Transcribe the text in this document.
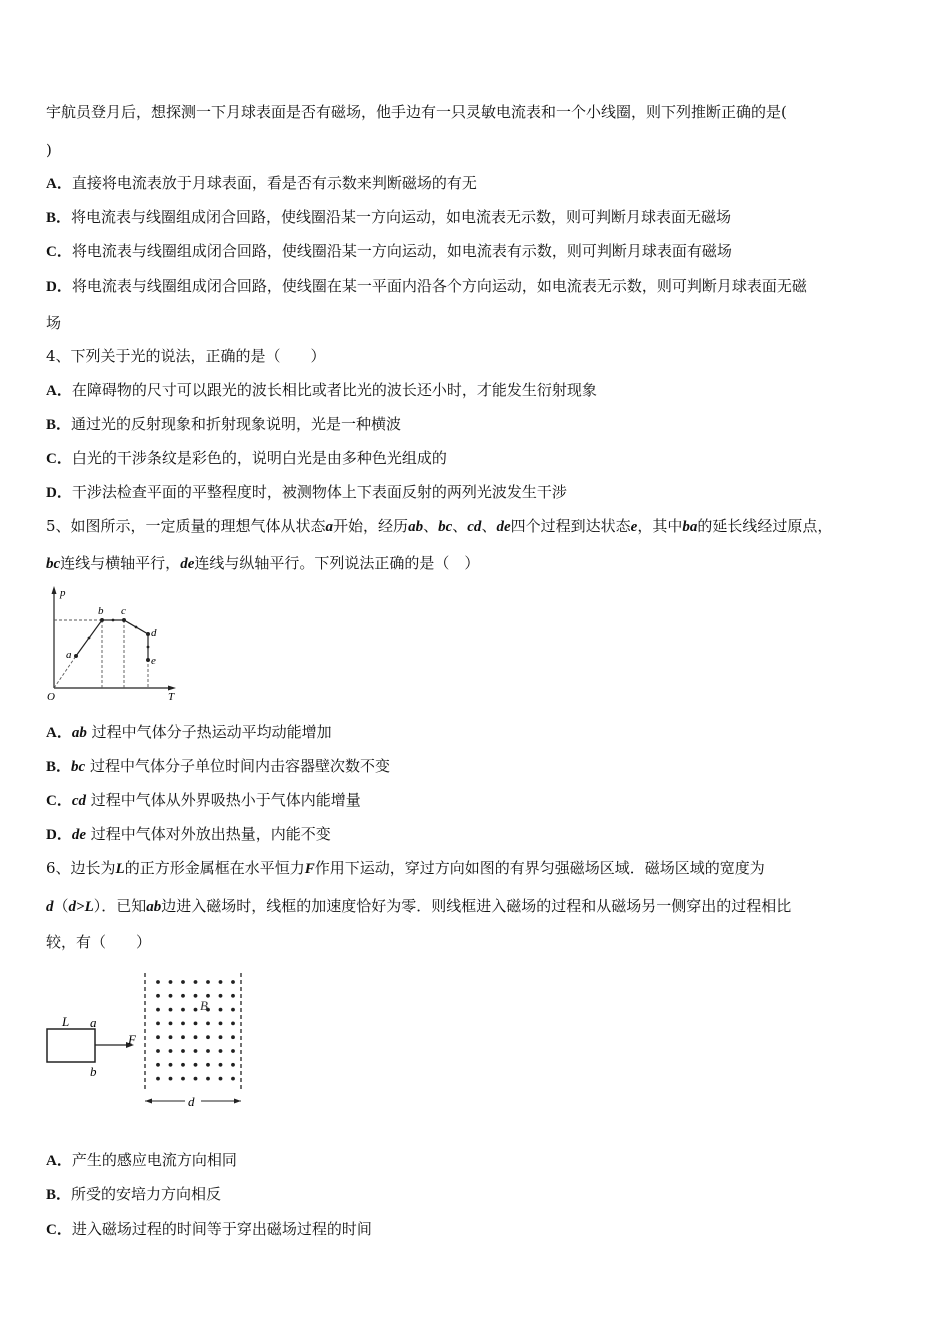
宇航员登月后，想探测一下月球表面是否有磁场，他手边有一只灵敏电流表和一个小线圈，则下列推断正确的是(
)
A．直接将电流表放于月球表面，看是否有示数来判断磁场的有无
B．将电流表与线圈组成闭合回路，使线圈沿某一方向运动，如电流表无示数，则可判断月球表面无磁场
C．将电流表与线圈组成闭合回路，使线圈沿某一方向运动，如电流表有示数，则可判断月球表面有磁场
D．将电流表与线圈组成闭合回路，使线圈在某一平面内沿各个方向运动，如电流表无示数，则可判断月球表面无磁
场
4、下列关于光的说法，正确的是（　　）
A．在障碍物的尺寸可以跟光的波长相比或者比光的波长还小时，才能发生衍射现象
B．通过光的反射现象和折射现象说明，光是一种横波
C．白光的干涉条纹是彩色的，说明白光是由多种色光组成的
D．干涉法检查平面的平整程度时，被测物体上下表面反射的两列光波发生干涉
5、如图所示，一定质量的理想气体从状态a开始，经历ab、bc、cd、de四个过程到达状态e，其中ba的延长线经过原点，
bc连线与横轴平行，de连线与纵轴平行。下列说法正确的是（　）
p
T
O
a
b c
d
e
A．ab 过程中气体分子热运动平均动能增加
B．bc 过程中气体分子单位时间内击容器壁次数不变
C．cd 过程中气体从外界吸热小于气体内能增量
D．de 过程中气体对外放出热量，内能不变
6、边长为L的正方形金属框在水平恒力F作用下运动，穿过方向如图的有界匀强磁场区域．磁场区域的宽度为
d（d>L）．已知ab边进入磁场时，线框的加速度恰好为零．则线框进入磁场的过程和从磁场另一侧穿出的过程相比
较，有（　　）
L a
b
F
B
d
A．产生的感应电流方向相同
B．所受的安培力方向相反
C．进入磁场过程的时间等于穿出磁场过程的时间
